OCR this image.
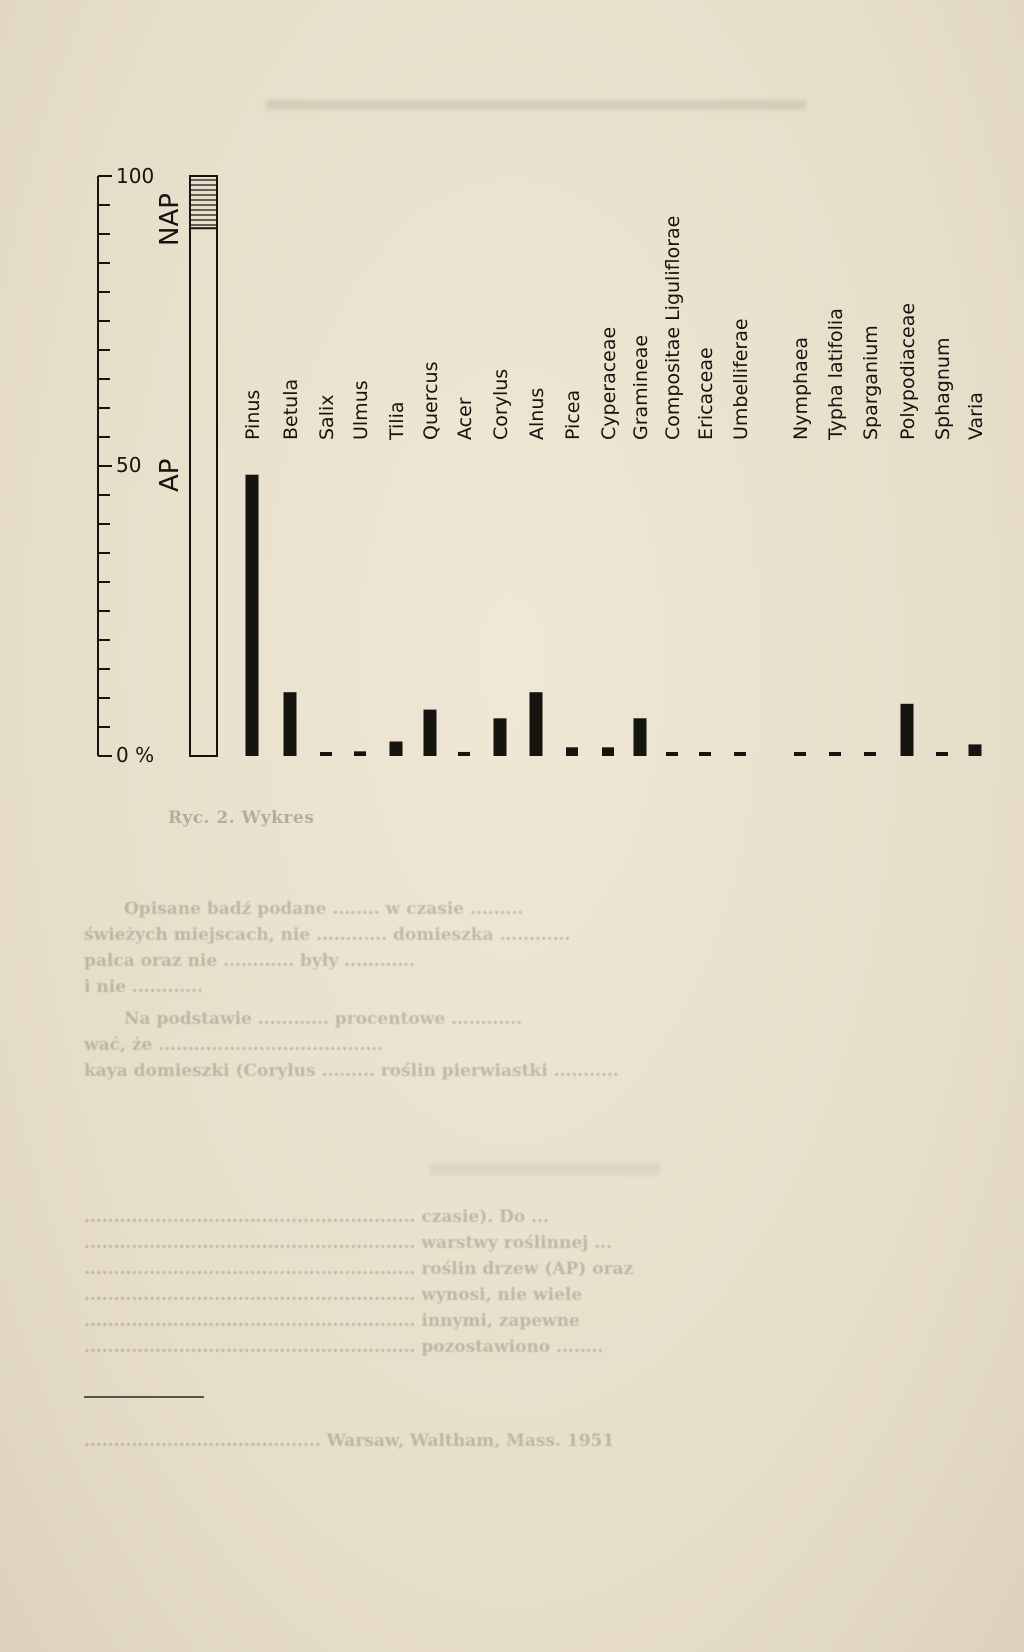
0 %
50
100
AP
NAP
Pinus Betula Salix Ulmus Tilia Quercus Acer Corylus Alnus Picea Cyperaceae Gramineae Compositae Liguliflorae Ericaceae Umbelliferae Nymphaea Typha latifolia Sparganium Polypodiaceae Sphagnum Varia
Ryc. 2. Wykres
Opisane badź podane ........ w czasie .........
świeżych miejscach, nie ............ domieszka ............
palca oraz nie ............ były ............
i nie ............
Na podstawie ............ procentowe ............
wać, że ......................................
kaya domieszki (Corylus ......... roślin pierwiastki ...........
........................................................ czasie). Do ...
........................................................ warstwy roślinnej ...
........................................................ roślin drzew (AP) oraz
........................................................ wynosi, nie wiele
........................................................ innymi, zapewne
........................................................ pozostawiono ........
........................................ Warsaw, Waltham, Mass. 1951
